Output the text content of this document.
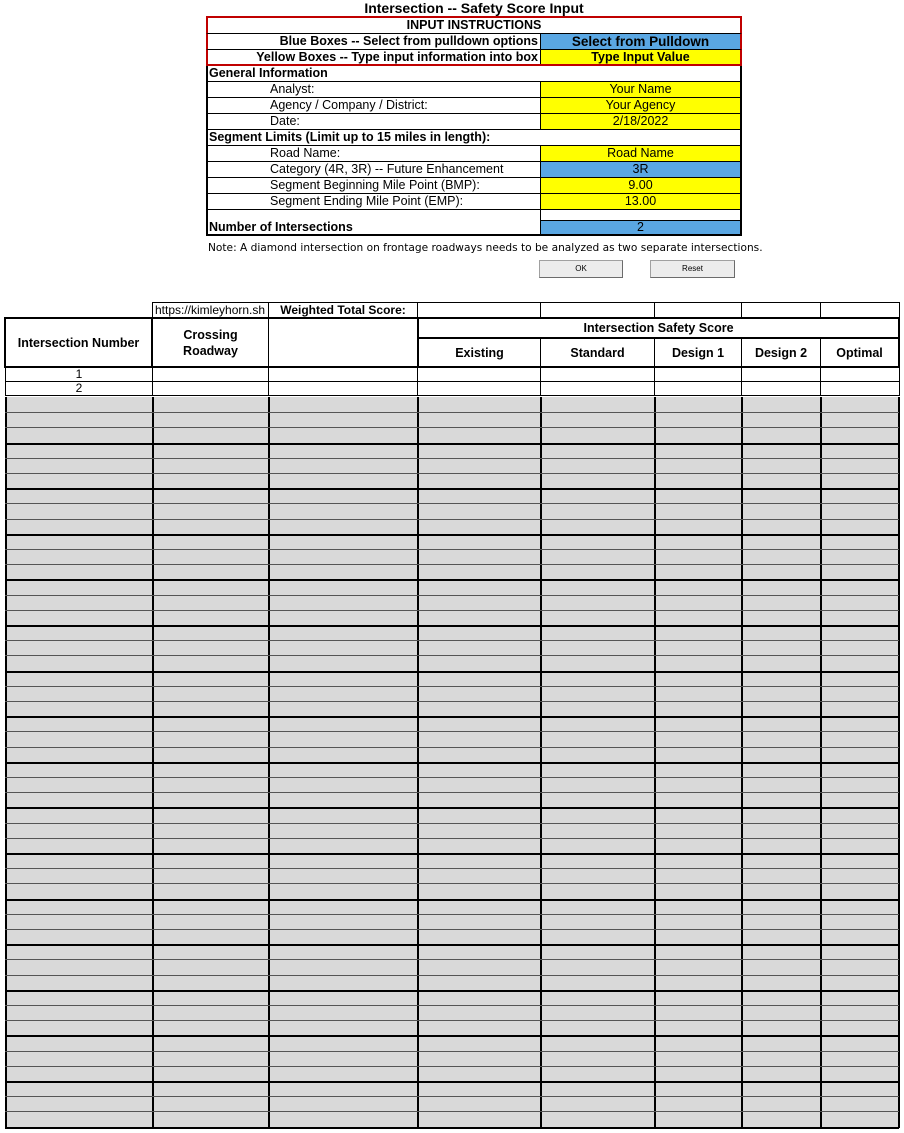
Intersection -- Safety Score Input
INPUT INSTRUCTIONS
Blue Boxes -- Select from pulldown options	Select from Pulldown
Yellow Boxes -- Type input information into box	Type Input Value
General Information
Analyst:	Your Name
Agency / Company / District:	Your Agency
Date:	2/18/2022
Segment Limits (Limit up to 15 miles in length):
Road Name:	Road Name
Category (4R, 3R) -- Future Enhancement	3R
Segment Beginning Mile Point (BMP):	9.00
Segment Ending Mile Point (EMP):	13.00
Number of Intersections	2
Note: A diamond intersection on frontage roadways needs to be analyzed as two separate intersections.
OK	Reset
https://kimleyhorn.sh	Weighted Total Score:
Intersection Number
Crossing Roadway
Intersection Safety Score
Existing	Standard	Design 1	Design 2	Optimal
1
2
